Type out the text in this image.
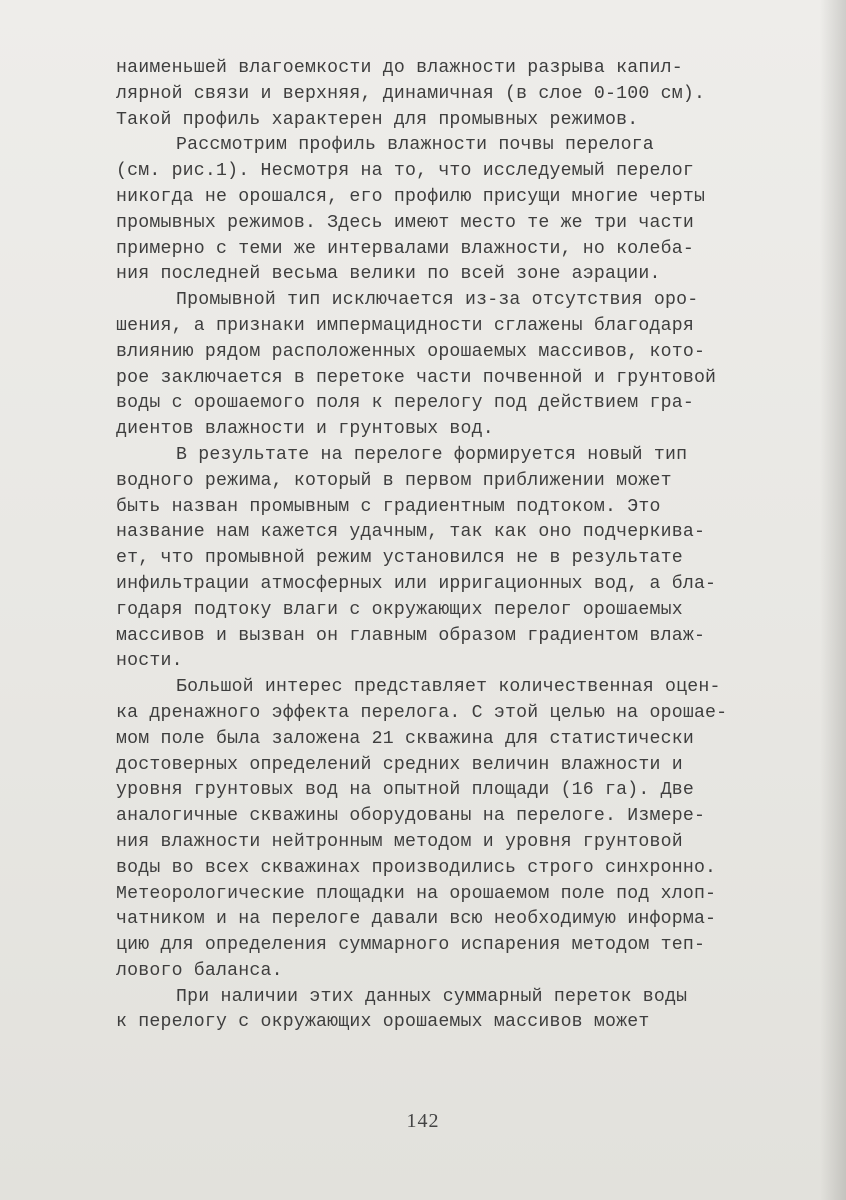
наименьшей влагоемкости до влажности разрыва капил-
лярной связи и верхняя, динамичная (в слое 0-100 см).
Такой профиль характерен для промывных режимов.
Рассмотрим профиль влажности почвы перелога
(см. рис.1). Несмотря на то, что исследуемый перелог
никогда не орошался, его профилю присущи многие черты
промывных режимов. Здесь имеют место те же три части
примерно с теми же интервалами влажности, но колеба-
ния последней весьма велики по всей зоне аэрации.
Промывной тип исключается из-за отсутствия оро-
шения, а признаки импермацидности сглажены благодаря
влиянию рядом расположенных орошаемых массивов, кото-
рое заключается в перетоке части почвенной и грунтовой
воды с орошаемого поля к перелогу под действием гра-
диентов влажности и грунтовых вод.
В результате на перелоге формируется новый тип
водного режима, который в первом приближении может
быть назван промывным с градиентным подтоком. Это
название нам кажется удачным, так как оно подчеркива-
ет, что промывной режим установился не в результате
инфильтрации атмосферных или ирригационных вод, а бла-
годаря подтоку влаги с окружающих перелог орошаемых
массивов и вызван он главным образом градиентом влаж-
ности.
Большой интерес представляет количественная оцен-
ка дренажного эффекта перелога. С этой целью на орошае-
мом поле была заложена 21 скважина для статистически
достоверных определений средних величин влажности и
уровня грунтовых вод на опытной площади (16 га). Две
аналогичные скважины оборудованы на перелоге. Измере-
ния влажности нейтронным методом и уровня грунтовой
воды во всех скважинах производились строго синхронно.
Метеорологические площадки на орошаемом поле под хлоп-
чатником и на перелоге давали всю необходимую информа-
цию для определения суммарного испарения методом теп-
лового баланса.
При наличии этих данных суммарный переток воды
к перелогу с окружающих орошаемых массивов может
142
